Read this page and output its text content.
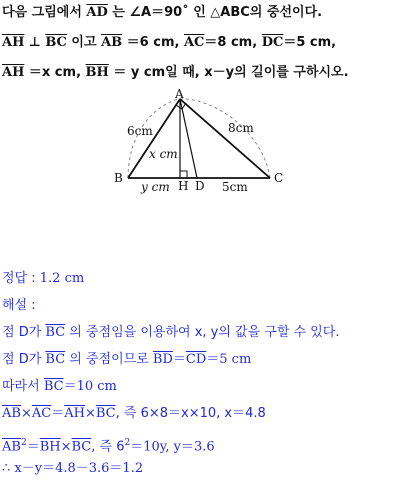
다음 그림에서 $\overline{AD}$ 는 ∠A＝90˚ 인 △ABC의 중선이다.
$\overline{AH}$ ⊥ $\overline{BC}$ 이고 $\overline{AB} =6$ cm, $\overline{AC}=8$ cm, $\overline{DC}=5$ cm,
$\overline{AH} =x$ cm, $\overline{BH} = y$ cm일 때, x－y의 길이를 구하시오.
A
B	C
D
H
6cm	8cm
x cm
y cm	5cm
정답 : 1.2 cm
해설 :
점 D가 $\overline{BC}$ 의 중점임을 이용하여 x, y의 값을 구할 수 있다.
점 D가 $\overline{BC}$ 의 중점이므로 $\overline{BD}=\overline{CD}=5$ cm
따라서 $\overline{BC}=10$ cm
$\overline{AB}\times\overline{AC}=\overline{AH}\times\overline{BC}$, 즉 6×8＝x×10, x＝4.8
$\overline{AB}^2=\overline{BH}\times\overline{BC}$, 즉 $6^2=10y$, y＝3.6
∴ x－y＝4.8－3.6＝1.2
